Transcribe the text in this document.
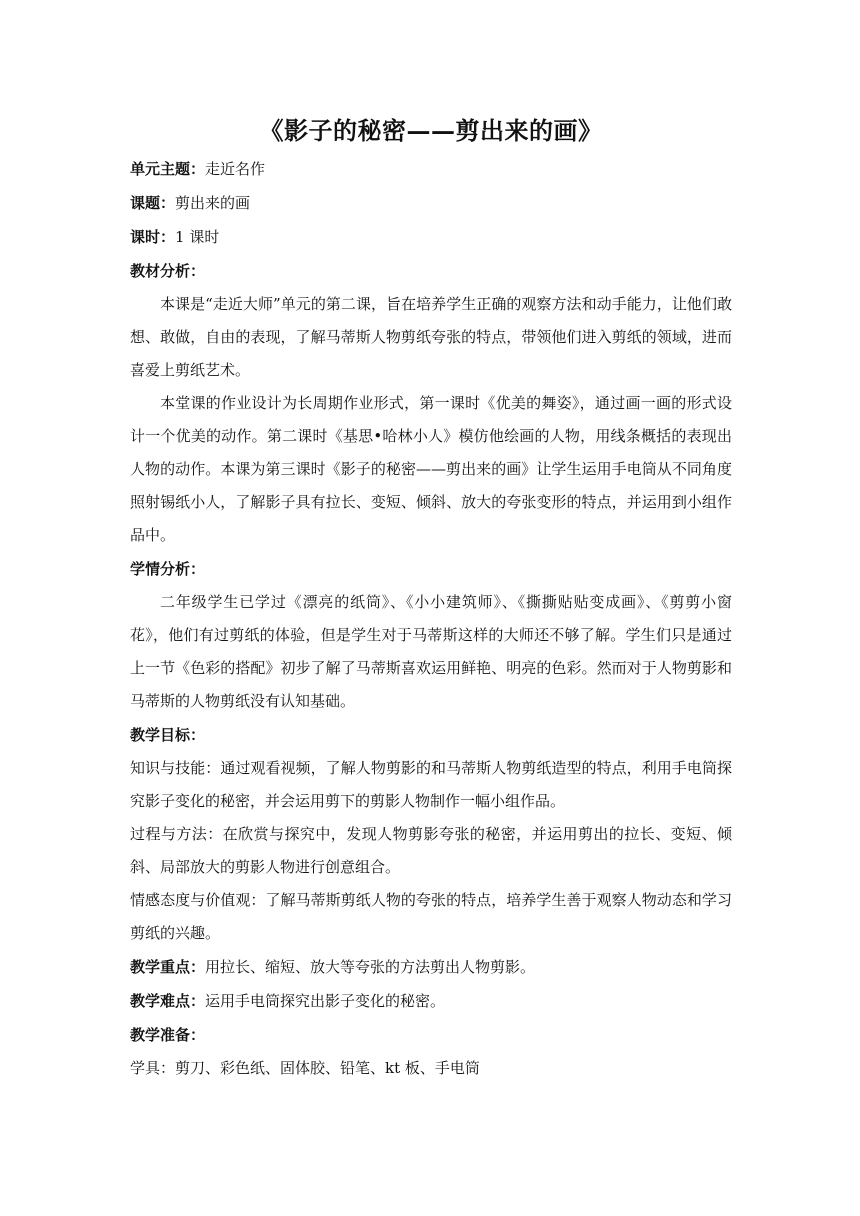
《影子的秘密——剪出来的画》

单元主题：走近名作

课题：剪出来的画

课时：1 课时

教材分析：

本课是“走近大师”单元的第二课，旨在培养学生正确的观察方法和动手能力，让他们敢想、敢做，自由的表现，了解马蒂斯人物剪纸夸张的特点，带领他们进入剪纸的领域，进而喜爱上剪纸艺术。

本堂课的作业设计为长周期作业形式，第一课时《优美的舞姿》，通过画一画的形式设计一个优美的动作。第二课时《基思•哈林小人》模仿他绘画的人物，用线条概括的表现出人物的动作。本课为第三课时《影子的秘密——剪出来的画》让学生运用手电筒从不同角度照射锡纸小人，了解影子具有拉长、变短、倾斜、放大的夸张变形的特点，并运用到小组作品中。

学情分析：

二年级学生已学过《漂亮的纸筒》、《小小建筑师》、《撕撕贴贴变成画》、《剪剪小窗花》，他们有过剪纸的体验，但是学生对于马蒂斯这样的大师还不够了解。学生们只是通过上一节《色彩的搭配》初步了解了马蒂斯喜欢运用鲜艳、明亮的色彩。然而对于人物剪影和马蒂斯的人物剪纸没有认知基础。

教学目标：

知识与技能：通过观看视频，了解人物剪影的和马蒂斯人物剪纸造型的特点，利用手电筒探究影子变化的秘密，并会运用剪下的剪影人物制作一幅小组作品。

过程与方法：在欣赏与探究中，发现人物剪影夸张的秘密，并运用剪出的拉长、变短、倾斜、局部放大的剪影人物进行创意组合。

情感态度与价值观：了解马蒂斯剪纸人物的夸张的特点，培养学生善于观察人物动态和学习剪纸的兴趣。

教学重点：用拉长、缩短、放大等夸张的方法剪出人物剪影。

教学难点：运用手电筒探究出影子变化的秘密。

教学准备：

学具：剪刀、彩色纸、固体胶、铅笔、kt 板、手电筒
